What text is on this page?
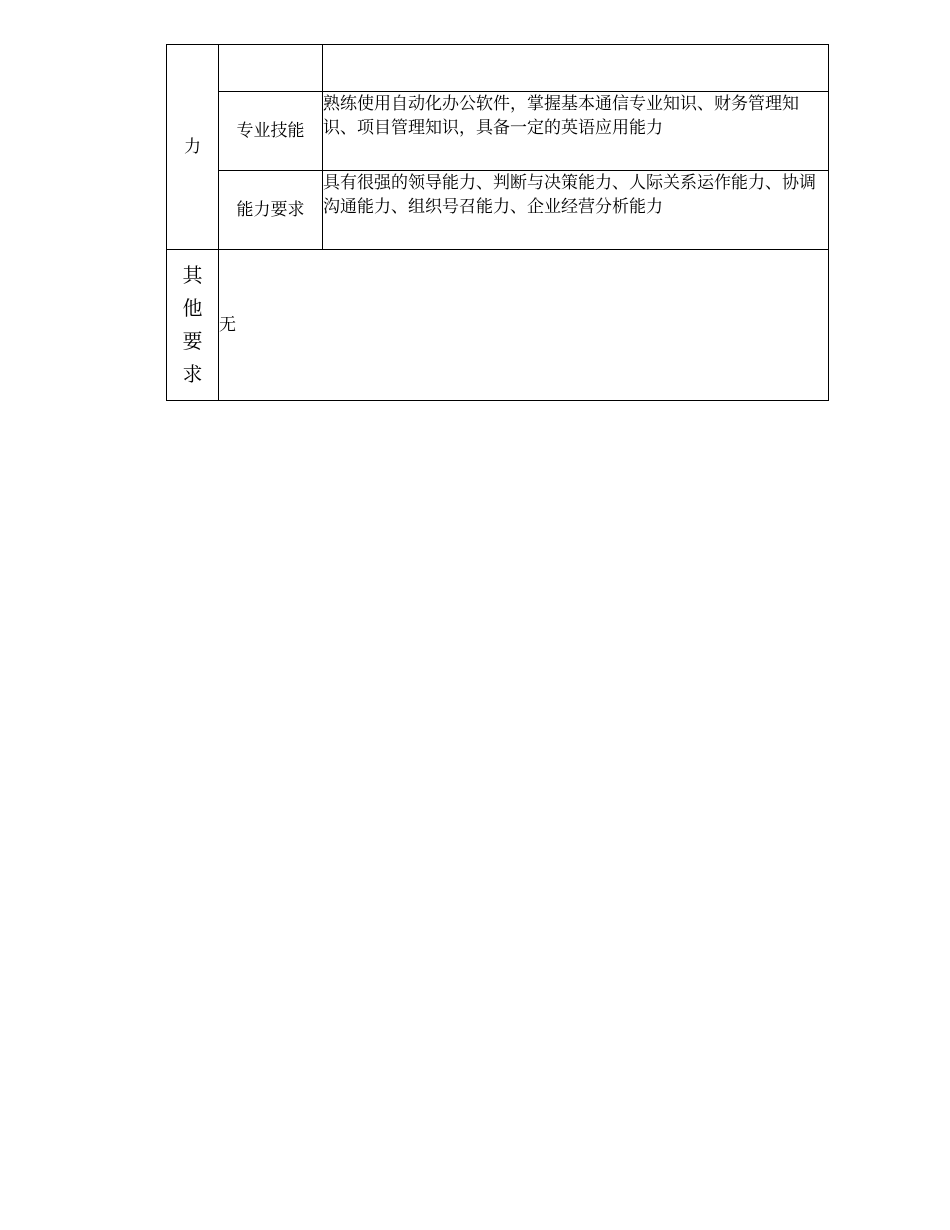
力		
	专业技能	熟练使用自动化办公软件，掌握基本通信专业知识、财务管理知识、项目管理知识，具备一定的英语应用能力
	能力要求	具有很强的领导能力、判断与决策能力、人际关系运作能力、协调沟通能力、组织号召能力、企业经营分析能力

其
他
要
求	无	
